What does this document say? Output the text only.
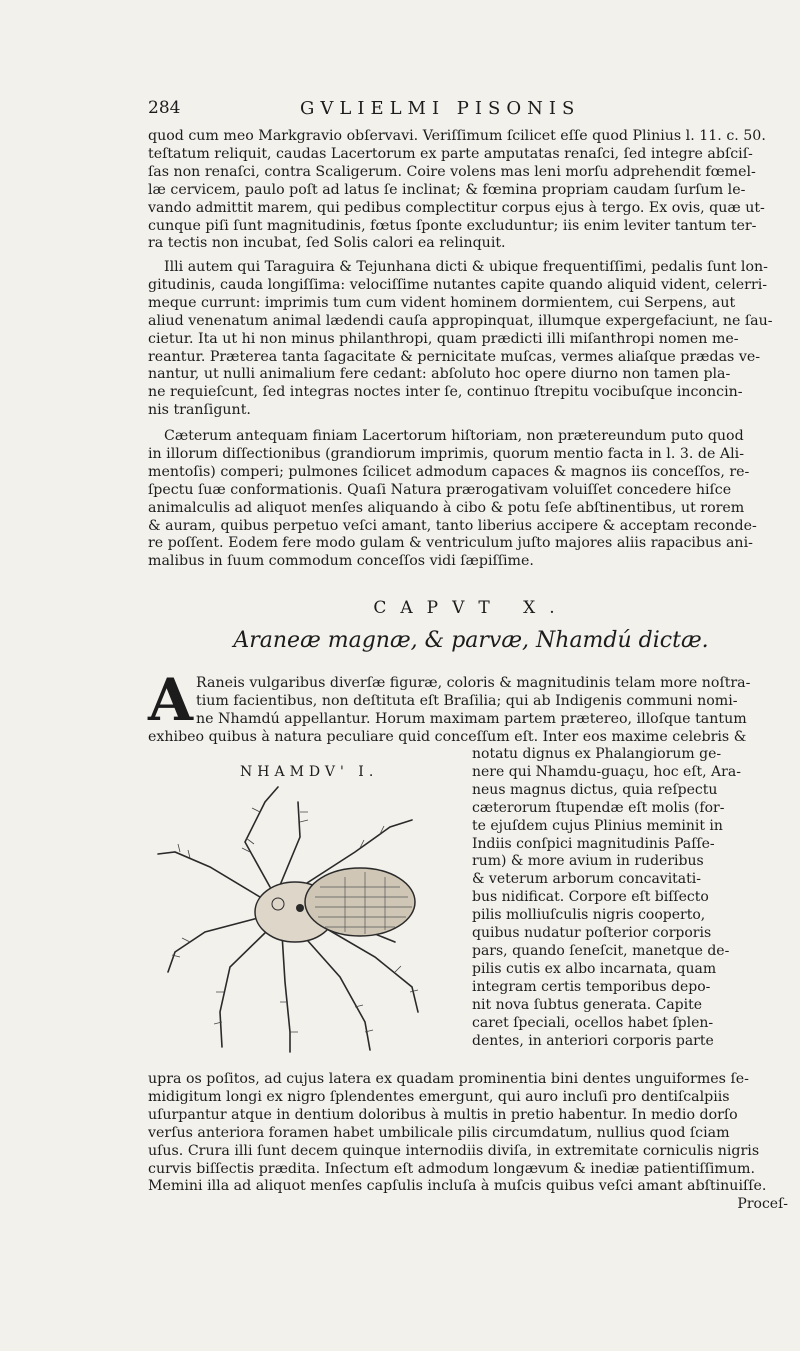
284	GVLIELMI PISONIS
quod cum meo Markgravio obſervavi. Veriſſimum ſcilicet eſſe quod Plinius l. 11. c. 50.
teſtatum reliquit, caudas Lacertorum ex parte amputatas renaſci, ſed integre abſciſ-
ſas non renaſci, contra Scaligerum. Coire volens mas leni morſu adprehendit fœmel-
læ cervicem, paulo poſt ad latus ſe inclinat; & fœmina propriam caudam ſurſum le-
vando admittit marem, qui pedibus complectitur corpus ejus à tergo. Ex ovis, quæ ut-
cunque piſi ſunt magnitudinis, fœtus ſponte excluduntur; iis enim leviter tantum ter-
ra tectis non incubat, ſed Solis calori ea relinquit.
Illi autem qui Taraguira & Tejunhana dicti & ubique frequentiſſimi, pedalis ſunt lon-
gitudinis, cauda longiſſima: velociſſime nutantes capite quando aliquid vident, celerri-
meque currunt: imprimis tum cum vident hominem dormientem, cui Serpens, aut
aliud venenatum animal lædendi cauſa appropinquat, illumque expergefaciunt, ne ſau-
cietur. Ita ut hi non minus philanthropi, quam prædicti illi miſanthropi nomen me-
reantur. Præterea tanta ſagacitate & pernicitate muſcas, vermes aliaſque prædas ve-
nantur, ut nulli animalium fere cedant: abſoluto hoc opere diurno non tamen pla-
ne requieſcunt, ſed integras noctes inter ſe, continuo ſtrepitu vocibuſque inconcin-
nis tranſigunt.
Cæterum antequam finiam Lacertorum hiſtoriam, non prætereundum puto quod
in illorum diſſectionibus (grandiorum imprimis, quorum mentio facta in l. 3. de Ali-
mentoſis) comperi; pulmones ſcilicet admodum capaces & magnos iis conceſſos, re-
ſpectu ſuæ conformationis. Quaſi Natura prærogativam voluiſſet concedere hiſce
animalculis ad aliquot menſes aliquando à cibo & potu ſeſe abſtinentibus, ut rorem
& auram, quibus perpetuo veſci amant, tanto liberius accipere & acceptam reconde-
re poſſent. Eodem fere modo gulam & ventriculum juſto majores aliis rapacibus ani-
malibus in ſuum commodum conceſſos vidi ſæpiſſime.
CAPVT X.
Araneæ magnæ, & parvæ, Nhamdú dictæ.
A Raneis vulgaribus diverſæ figuræ, coloris & magnitudinis telam more noſtra-
tium facientibus, non deſtituta eſt Braſilia; qui ab Indigenis communi nomi-
ne Nhamdú appellantur. Horum maximam partem prætereo, illoſque tantum
exhibeo quibus à natura peculiare quid conceſſum eſt. Inter eos maxime celebris &
NHAMDV' I.
notatu dignus ex Phalangiorum ge-
nere qui Nhamdu-guaçu, hoc eſt, Ara-
neus magnus dictus, quia reſpectu
cæterorum ſtupendæ eſt molis (for-
te ejuſdem cujus Plinius meminit in
Indiis conſpici magnitudinis Paſſe-
rum) & more avium in ruderibus
& veterum arborum concavitati-
bus nidificat. Corpore eſt biſſecto
pilis molliuſculis nigris cooperto,
quibus nudatur poſterior corporis
pars, quando ſeneſcit, manetque de-
pilis cutis ex albo incarnata, quam
integram certis temporibus depo-
nit nova ſubtus generata. Capite
caret ſpeciali, ocellos habet ſplen-
dentes, in anteriori corporis parte
upra os poſitos, ad cujus latera ex quadam prominentia bini dentes unguiformes ſe-
midigitum longi ex nigro ſplendentes emergunt, qui auro incluſi pro dentiſcalpiis
uſurpantur atque in dentium doloribus à multis in pretio habentur. In medio dorſo
verſus anteriora foramen habet umbilicale pilis circumdatum, nullius quod ſciam
uſus. Crura illi ſunt decem quinque internodiis diviſa, in extremitate corniculis nigris
curvis biſſectis prædita. Inſectum eſt admodum longævum & inediæ patientiſſimum.
Memini illa ad aliquot menſes capſulis incluſa à muſcis quibus veſci amant abſtinuiſſe.
Proceſ-
